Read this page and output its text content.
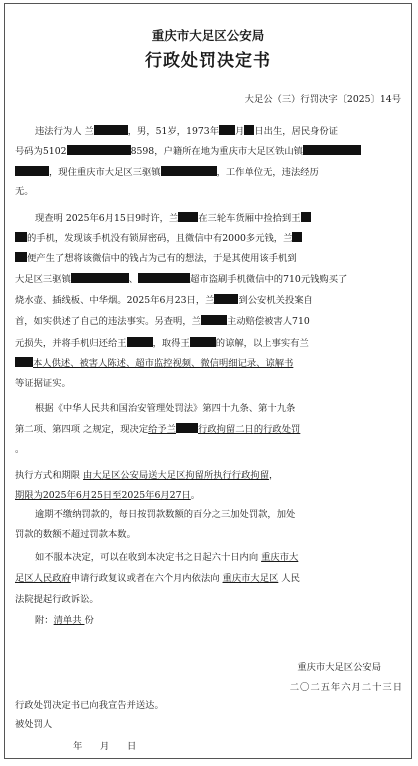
重庆市大足区公安局
行政处罚决定书
大足公（三）行罚决字〔2025〕14号
违法行为人 兰	，男，51岁，1973年 月 日出生，居民身份证
号码为5102	8598，户籍所在地为重庆市大足区铁山镇
，现住重庆市大足区三驱镇	，工作单位无，违法经历
无。
现查明 2025年6月15日9时许，兰 在三轮车货厢中捡拾到王
的手机，发现该手机没有锁屏密码，且微信中有2000多元钱，兰
便产生了想将该微信中的钱占为己有的想法，于是其使用该手机到
大足区三驱镇	、	超市盗刷手机微信中的710元钱购买了
烧水壶、插线板、中华烟。2025年6月23日，兰	到公安机关投案自
首，如实供述了自己的违法事实。另查明，兰	主动赔偿被害人710
元损失，并将手机归还给王	，取得王	的谅解，以上事实有兰
本人供述、被害人陈述、超市监控视频、微信明细记录、谅解书
等证据证实。
根据《中华人民共和国治安管理处罚法》第四十九条、第十九条
第二项、第四项 之规定，现决定给予兰 行政拘留二日的行政处罚
。
执行方式和期限 由大足区公安局送大足区拘留所执行行政拘留，
期限为2025年6月25日至2025年6月27日。
逾期不缴纳罚款的，每日按罚款数额的百分之三加处罚款，加处
罚款的数额不超过罚款本数。
如不服本决定，可以在收到本决定书之日起六十日内向 重庆市大
足区人民政府申请行政复议或者在六个月内依法向 重庆市大足区 人民
法院提起行政诉讼。
附：清单共 份
重庆市大足区公安局
二〇二五年六月二十三日
行政处罚决定书已向我宣告并送达。
被处罚人
年      月      日
